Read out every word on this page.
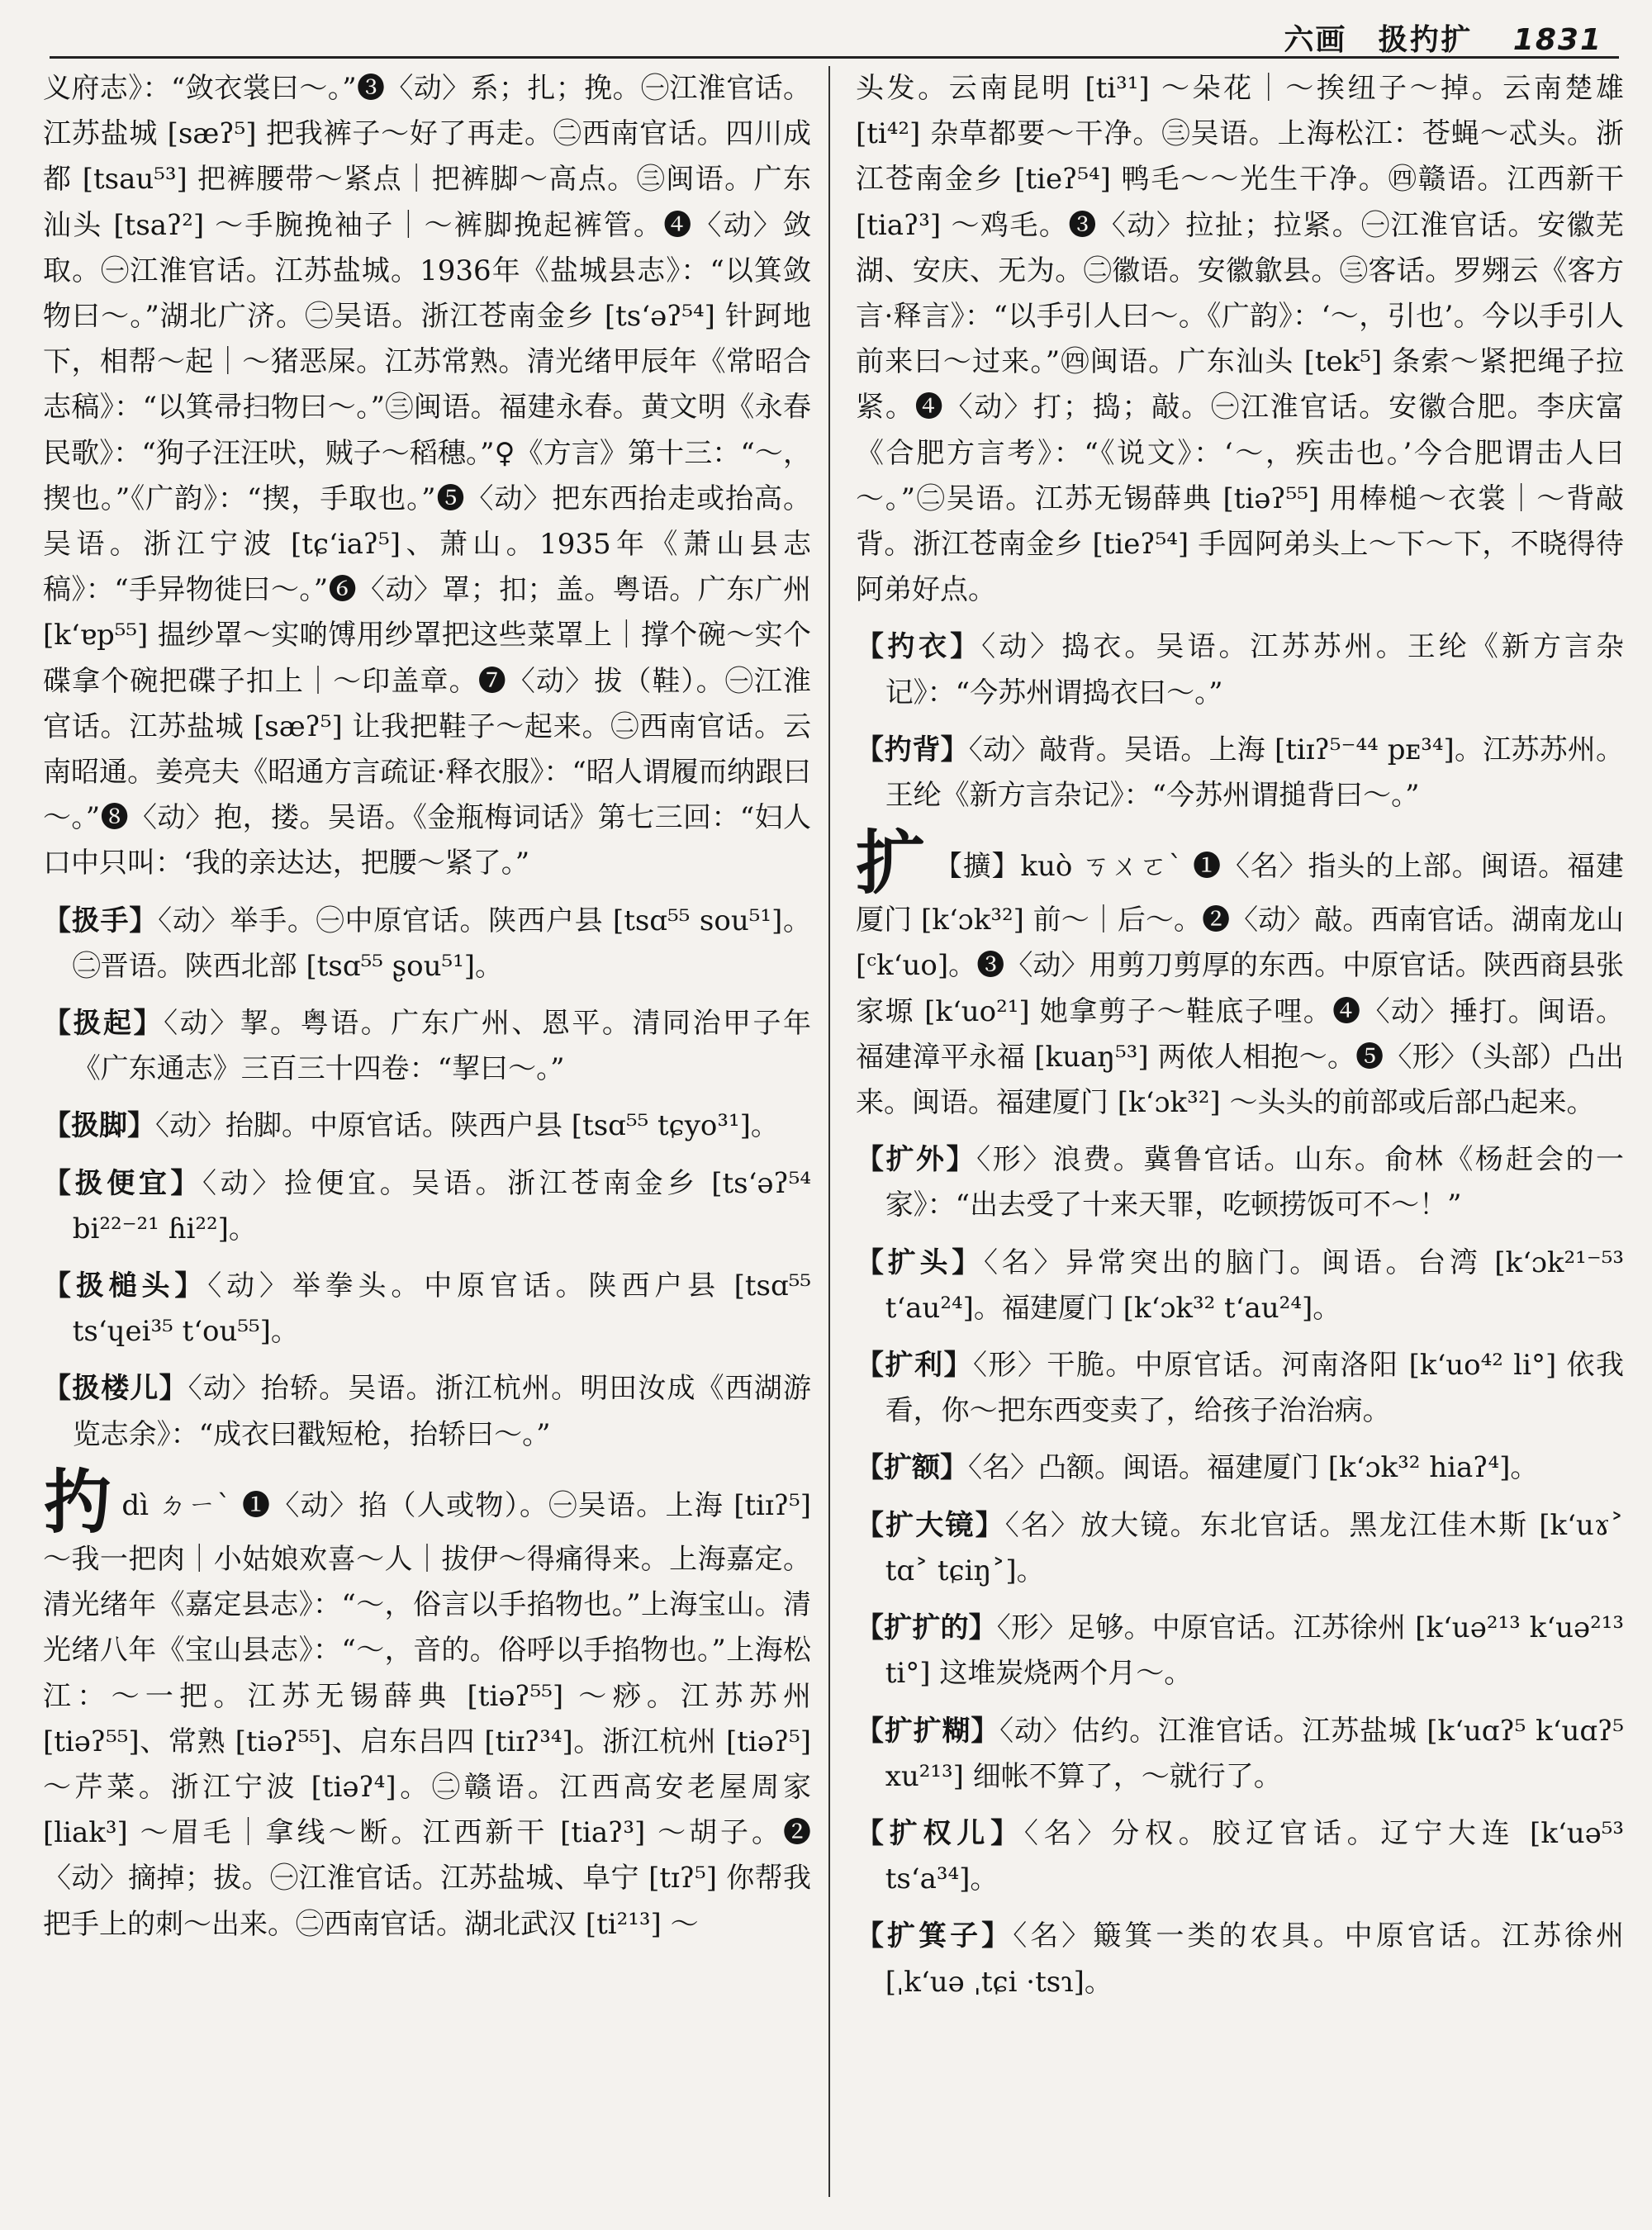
六画　扱扚扩 1831

义府志》：“敛衣裳曰～。”❸〈动〉系；扎；挽。㊀江淮官话。江苏盐城 [sæʔ⁵] 把我裤子～好了再走。㊁西南官话。四川成都 [tsau⁵³] 把裤腰带～紧点｜把裤脚～高点。㊂闽语。广东汕头 [tsaʔ²] ～手腕挽袖子｜～裤脚挽起裤管。❹〈动〉敛取。㊀江淮官话。江苏盐城。1936年《盐城县志》：“以箕敛物曰～。”湖北广济。㊁吴语。浙江苍南金乡 [tsʻəʔ⁵⁴] 针跒地下，相帮～起｜～猪恶屎。江苏常熟。清光绪甲辰年《常昭合志稿》：“以箕帚扫物曰～。”㊂闽语。福建永春。黄文明《永春民歌》：“狗子汪汪吠，贼子～稻穗。”♀《方言》第十三：“～，揳也。”《广韵》：“揳，手取也。”❺〈动〉把东西抬走或抬高。吴语。浙江宁波 [tɕʻiaʔ⁵]、萧山。1935年《萧山县志稿》：“手异物徙曰～。”❻〈动〉罩；扣；盖。粤语。广东广州 [kʻɐp⁵⁵] 揾纱罩～实啲馎用纱罩把这些菜罩上｜撑个碗～实个碟拿个碗把碟子扣上｜～印盖章。❼〈动〉拔（鞋）。㊀江淮官话。江苏盐城 [sæʔ⁵] 让我把鞋子～起来。㊁西南官话。云南昭通。姜亮夫《昭通方言疏证·释衣服》：“昭人谓履而纳跟曰～。”❽〈动〉抱，搂。吴语。《金瓶梅词话》第七三回：“妇人口中只叫：‘我的亲达达，把腰～紧了。”

【扱手】〈动〉举手。㊀中原官话。陕西户县 [tsɑ⁵⁵ sou⁵¹]。㊁晋语。陕西北部 [tsɑ⁵⁵ ʂou⁵¹]。

【扱起】〈动〉挈。粤语。广东广州、恩平。清同治甲子年《广东通志》三百三十四卷：“挈曰～。”

【扱脚】〈动〉抬脚。中原官话。陕西户县 [tsɑ⁵⁵ tɕyo³¹]。

【扱便宜】〈动〉捡便宜。吴语。浙江苍南金乡 [tsʻəʔ⁵⁴ bi²²⁻²¹ ɦi²²]。

【扱槌头】〈动〉举拳头。中原官话。陕西户县 [tsɑ⁵⁵ tsʻɥei³⁵ tʻou⁵⁵]。

【扱楼儿】〈动〉抬轿。吴语。浙江杭州。明田汝成《西湖游览志余》：“成衣曰戳短枪，抬轿曰～。”

扚dì ㄉㄧˋ ❶〈动〉掐（人或物）。㊀吴语。上海 [tiɪʔ⁵] ～我一把肉｜小姑娘欢喜～人｜拔伊～得痛得来。上海嘉定。清光绪年《嘉定县志》：“～，俗言以手掐物也。”上海宝山。清光绪八年《宝山县志》：“～，音的。俗呼以手掐物也。”上海松江：～一把。江苏无锡薛典 [tiəʔ⁵⁵] ～痧。江苏苏州 [tiəʔ⁵⁵]、常熟 [tiəʔ⁵⁵]、启东吕四 [tiɪʔ³⁴]。浙江杭州 [tiəʔ⁵] ～芹菜。浙江宁波 [tiəʔ⁴]。㊁赣语。江西高安老屋周家 [liak³] ～眉毛｜拿线～断。江西新干 [tiaʔ³] ～胡子。❷〈动〉摘掉；拔。㊀江淮官话。江苏盐城、阜宁 [tɪʔ⁵] 你帮我把手上的刺～出来。㊁西南官话。湖北武汉 [ti²¹³] ～

头发。云南昆明 [ti³¹] ～朵花｜～挨纽子～掉。云南楚雄 [ti⁴²] 杂草都要～干净。㊂吴语。上海松江：苍蝇～忒头。浙江苍南金乡 [tieʔ⁵⁴] 鸭毛～～光生干净。㊃赣语。江西新干 [tiaʔ³] ～鸡毛。❸〈动〉拉扯；拉紧。㊀江淮官话。安徽芜湖、安庆、无为。㊁徽语。安徽歙县。㊂客话。罗翙云《客方言·释言》：“以手引人曰～。《广韵》：‘～，引也’。今以手引人前来曰～过来。”㊃闽语。广东汕头 [tek⁵] 条索～紧把绳子拉紧。❹〈动〉打；捣；敲。㊀江淮官话。安徽合肥。李庆富《合肥方言考》：“《说文》：‘～，疾击也。’今合肥谓击人曰～。”㊁吴语。江苏无锡薛典 [tiəʔ⁵⁵] 用棒槌～衣裳｜～背敲背。浙江苍南金乡 [tieʔ⁵⁴] 手囥阿弟头上～下～下，不晓得待阿弟好点。

【扚衣】〈动〉捣衣。吴语。江苏苏州。王纶《新方言杂记》：“今苏州谓捣衣曰～。”

【扚背】〈动〉敲背。吴语。上海 [tiɪʔ⁵⁻⁴⁴ pᴇ³⁴]。江苏苏州。王纶《新方言杂记》：“今苏州谓搥背曰～。”

扩 【擴】kuò ㄎㄨㄛˋ ❶〈名〉指头的上部。闽语。福建厦门 [kʻɔk³²] 前～｜后～。❷〈动〉敲。西南官话。湖南龙山 [ᶜkʻuo]。❸〈动〉用剪刀剪厚的东西。中原官话。陕西商县张家塬 [kʻuo²¹] 她拿剪子～鞋底子哩。❹〈动〉捶打。闽语。福建漳平永福 [kuaŋ⁵³] 两侬人相抱～。❺〈形〉（头部）凸出来。闽语。福建厦门 [kʻɔk³²] ～头头的前部或后部凸起来。

【扩外】〈形〉浪费。冀鲁官话。山东。俞林《杨赶会的一家》：“出去受了十来天罪，吃顿捞饭可不～！”

【扩头】〈名〉异常突出的脑门。闽语。台湾 [kʻɔk²¹⁻⁵³ tʻau²⁴]。福建厦门 [kʻɔk³² tʻau²⁴]。

【扩利】〈形〉干脆。中原官话。河南洛阳 [kʻuo⁴² li°] 依我看，你～把东西变卖了，给孩子治治病。

【扩额】〈名〉凸额。闽语。福建厦门 [kʻɔk³² hiaʔ⁴]。

【扩大镜】〈名〉放大镜。东北官话。黑龙江佳木斯 [kʻuɤ˃ tɑ˃ tɕiŋ˃]。

【扩扩的】〈形〉足够。中原官话。江苏徐州 [kʻuə²¹³ kʻuə²¹³ ti°] 这堆炭烧两个月～。

【扩扩糊】〈动〉估约。江淮官话。江苏盐城 [kʻuɑʔ⁵ kʻuɑʔ⁵ xu²¹³] 细帐不算了，～就行了。

【扩权儿】〈名〉分权。胶辽官话。辽宁大连 [kʻuə⁵³ tsʻa³⁴]。

【扩箕子】〈名〉簸箕一类的农具。中原官话。江苏徐州 [ˌkʻuə ˌtɕi ·tsɿ]。
